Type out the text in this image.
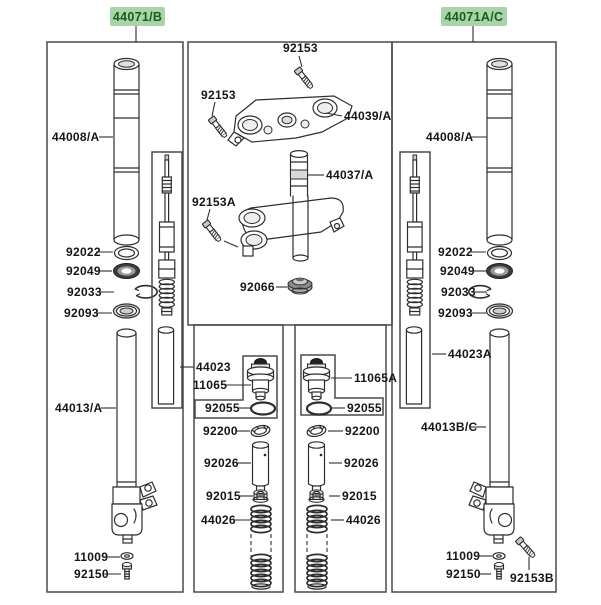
44071/B	44071A/C
44008/A
92022
92049
92033
92093
44013/A
11009
92150
92153
92153
44039/A
44037/A
92153A
92066
44023
11065
92055
92200
92026
92015
44026
11065A
92055
92200
92026
92015
44026
44008/A
92022
92049
92033
92093
44023A
44013B/C
11009
92150 92153B
